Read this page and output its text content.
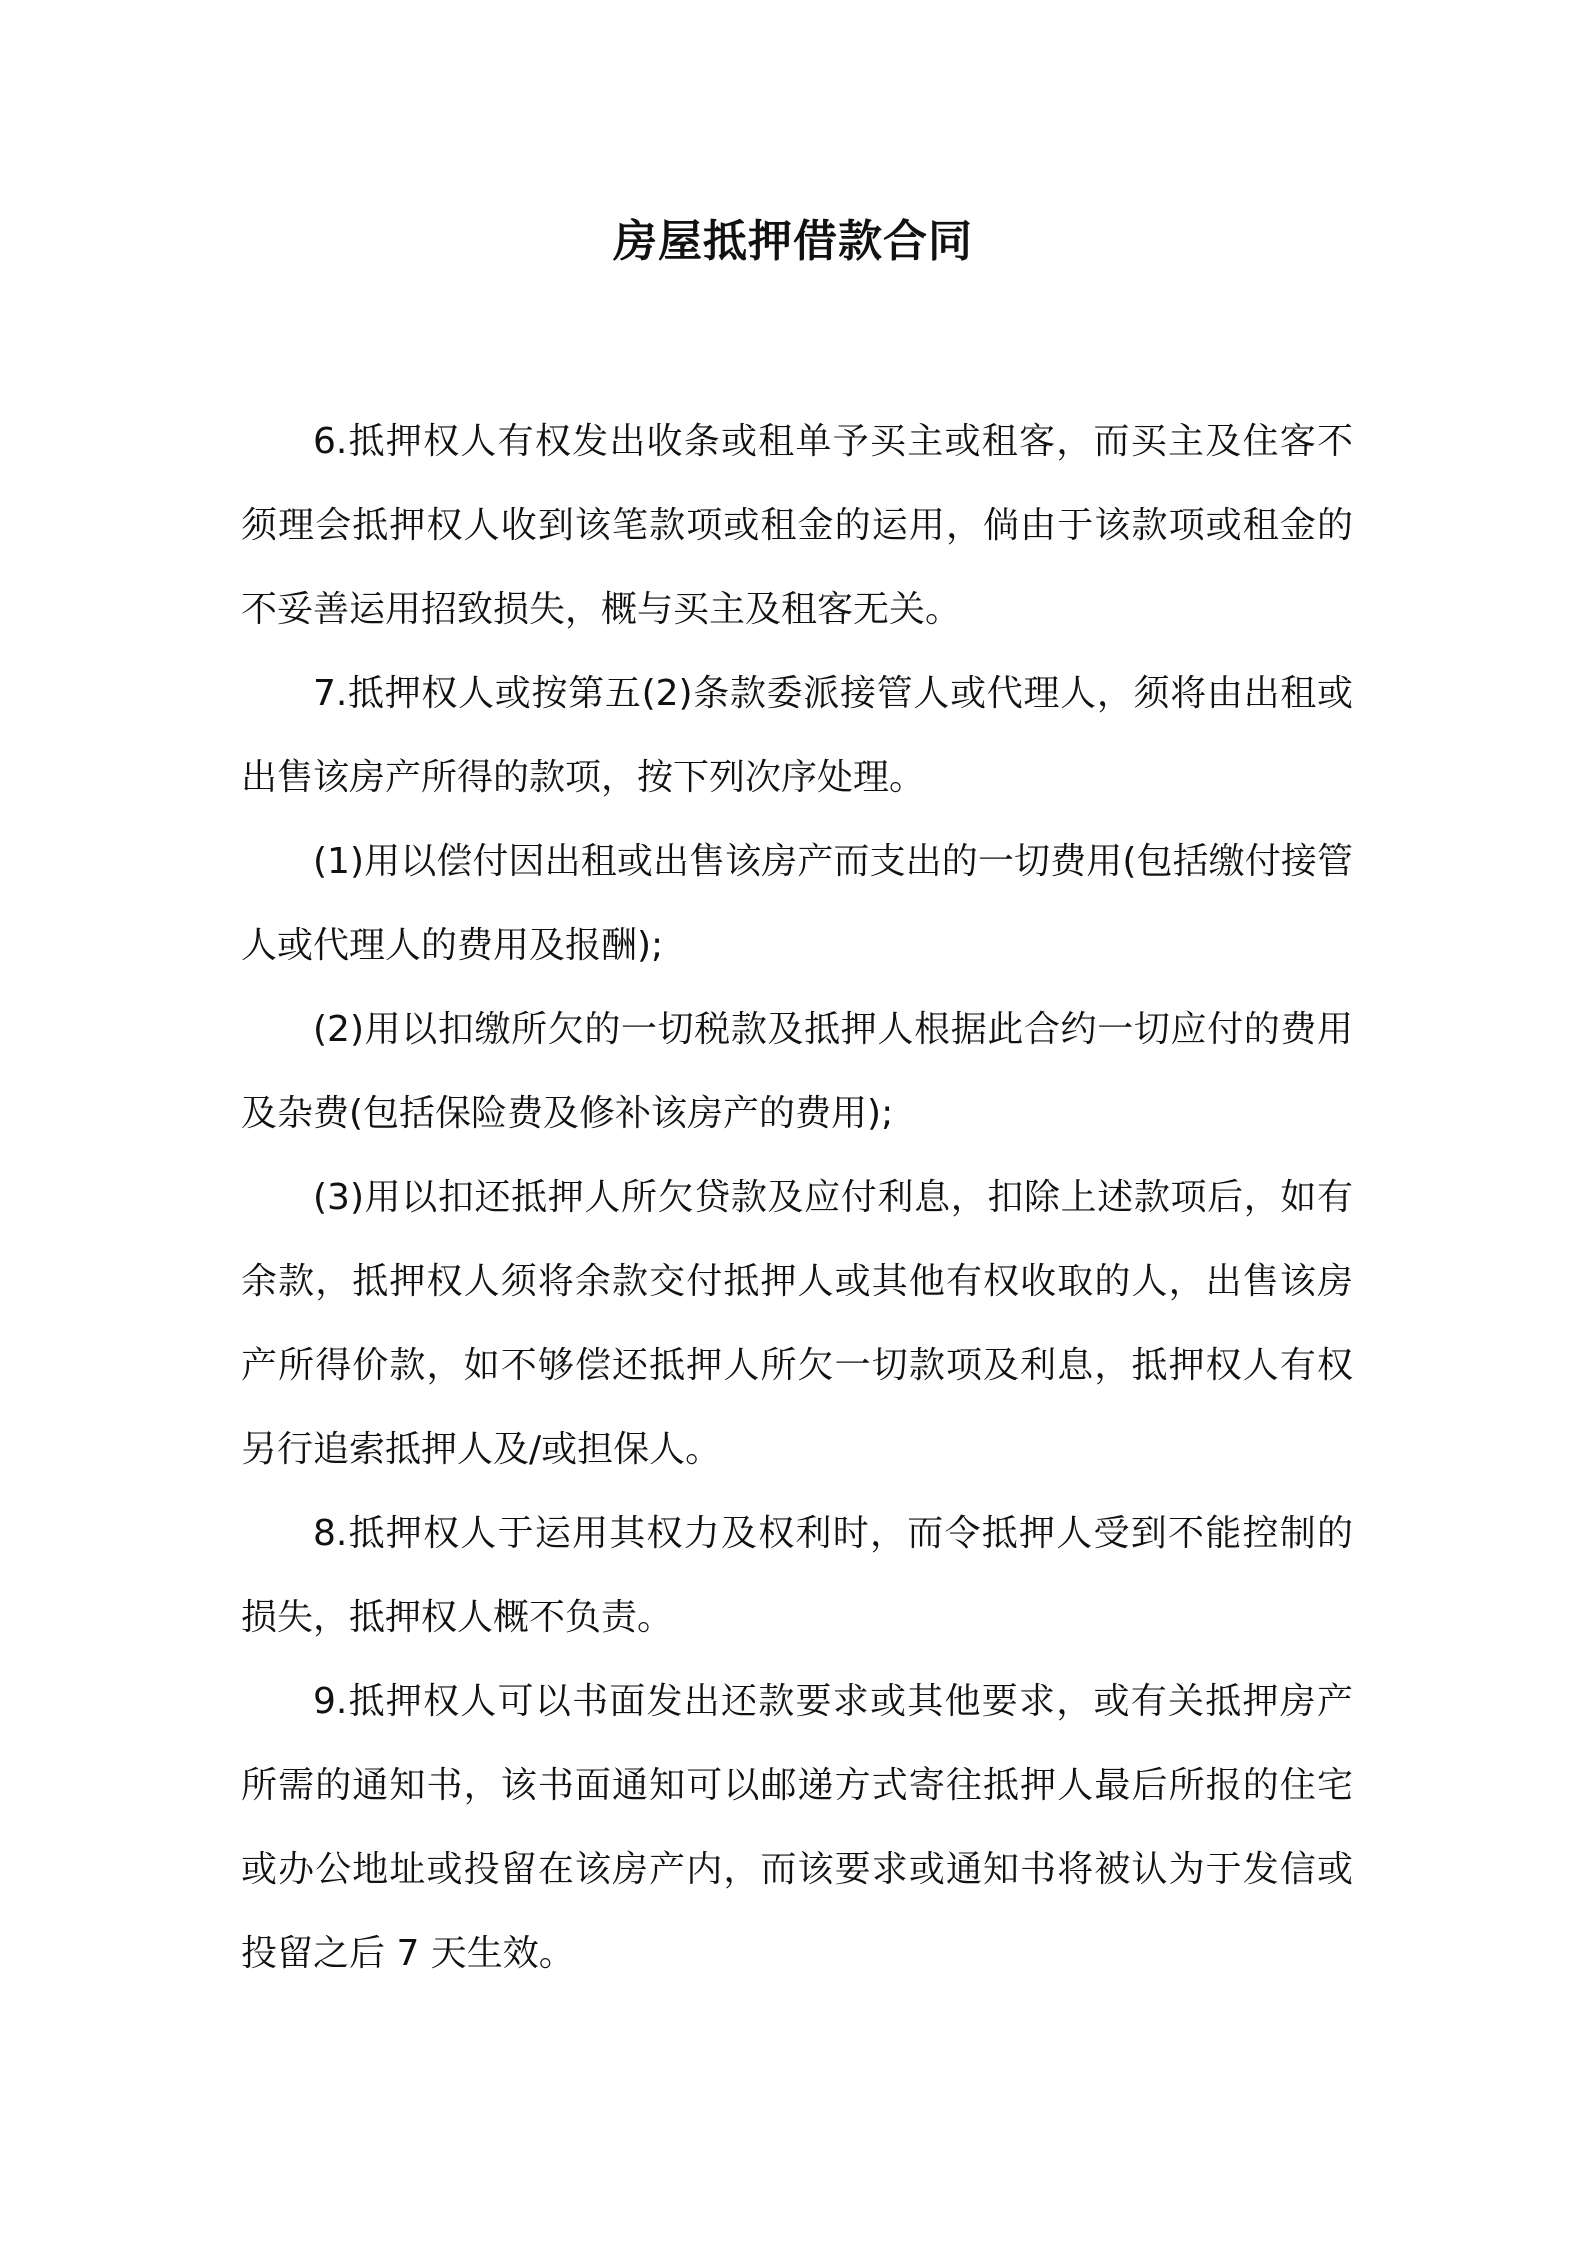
房屋抵押借款合同

6.抵押权人有权发出收条或租单予买主或租客，而买主及住客不须理会抵押权人收到该笔款项或租金的运用，倘由于该款项或租金的不妥善运用招致损失，概与买主及租客无关。

7.抵押权人或按第五(2)条款委派接管人或代理人，须将由出租或出售该房产所得的款项，按下列次序处理。

(1)用以偿付因出租或出售该房产而支出的一切费用(包括缴付接管人或代理人的费用及报酬);

(2)用以扣缴所欠的一切税款及抵押人根据此合约一切应付的费用及杂费(包括保险费及修补该房产的费用);

(3)用以扣还抵押人所欠贷款及应付利息，扣除上述款项后，如有余款，抵押权人须将余款交付抵押人或其他有权收取的人，出售该房产所得价款，如不够偿还抵押人所欠一切款项及利息，抵押权人有权另行追索抵押人及/或担保人。

8.抵押权人于运用其权力及权利时，而令抵押人受到不能控制的损失，抵押权人概不负责。

9.抵押权人可以书面发出还款要求或其他要求，或有关抵押房产所需的通知书，该书面通知可以邮递方式寄往抵押人最后所报的住宅或办公地址或投留在该房产内，而该要求或通知书将被认为于发信或投留之后 7 天生效。
